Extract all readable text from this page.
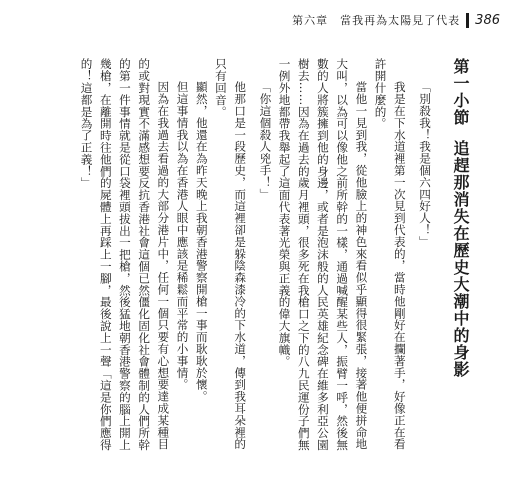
第六章　當我再為太陽見了代表 386

第一小節　追趕那消失在歷史大潮中的身影

「別殺我！我是個六四好人！」

我是在下水道裡第一次見到代表的，當時他剛好在攔著手，好像正在看許開什麼的。

當他一見到我，從他臉上的神色來看似乎顯得很緊張，接著他便拼命地大叫，以為可以像他之前所幹的一樣，通過喊醒某些人，振臂一呼，然後無數的人將簇擁到他的身邊，或者是泡沫般的人民英雄紀念碑在維多利亞公園樹去……因為在過去的歲月裡頭，很多死在我槍口之下的八九民運份子們無一例外地都帶我舉起了這面代表著光榮與正義的偉大旗幟。

「你這個殺人兇手！」

他那口是一段歷史，而這裡卻是躲陰森漆冷的下水道，傳到我耳朵裡的只有回音。

顯然，他還在為昨天晚上我朝香港警察開槍一事而耿耿於懷。

但這事情我以為在香港人眼中應該是稀鬆而平常的小事情。

因為在我過去看過的大部分港片中，任何一個只要有心想要達成某種目的或對現實不滿感想要反抗香港社會這個已然僵化固化社會體制的人們所幹的第一件事情就是從口袋裡頭拔出一把槍，然後猛地朝香港警察的腦上開上幾槍，在離開時往他們的屍體上再踩上一腳，最後說上一聲「這是你們應得的！這都是為了正義！」
